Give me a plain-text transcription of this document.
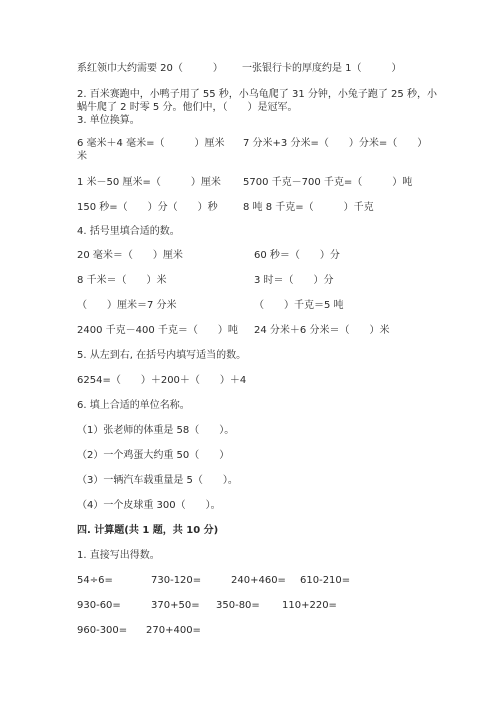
系红领巾大约需要 20（　　　） 一张银行卡的厚度约是 1（　　　）
2. 百米赛跑中，小鸭子用了 55 秒，小乌龟爬了 31 分钟，小兔子跑了 25 秒，小
蜗牛爬了 2 时零 5 分。他们中，（　　）是冠军。
3. 单位换算。
6 毫米＋4 毫米=（　　　）厘米 7 分米+3 分米=（　　）分米=（　　）
米
1 米－50 厘米=（　　　）厘米 5700 千克－700 千克=（　　　）吨
150 秒=（　　）分（　　）秒	8 吨 8 千克=（　　　）千克
4. 括号里填合适的数。
20 毫米＝（　　）厘米	60 秒＝（　　）分
8 千米＝（　　）米	3 时＝（　　）分
（　　）厘米＝7 分米	（　　）千克＝5 吨
2400 千克－400 千克＝（　　）吨 24 分米＋6 分米＝（　　）米
5. 从左到右, 在括号内填写适当的数。
6254=（　　）＋200＋（　　）＋4
6. 填上合适的单位名称。
（1）张老师的体重是 58（　　）。
（2）一个鸡蛋大约重 50（　　）
（3）一辆汽车载重量是 5（　　）。
（4）一个皮球重 300（　　）。
四. 计算题(共 1 题，共 10 分)
1. 直接写出得数。
54÷6=	730-120=	240+460= 610-210=
930-60=	370+50= 350-80= 110+220=
960-300= 270+400=
